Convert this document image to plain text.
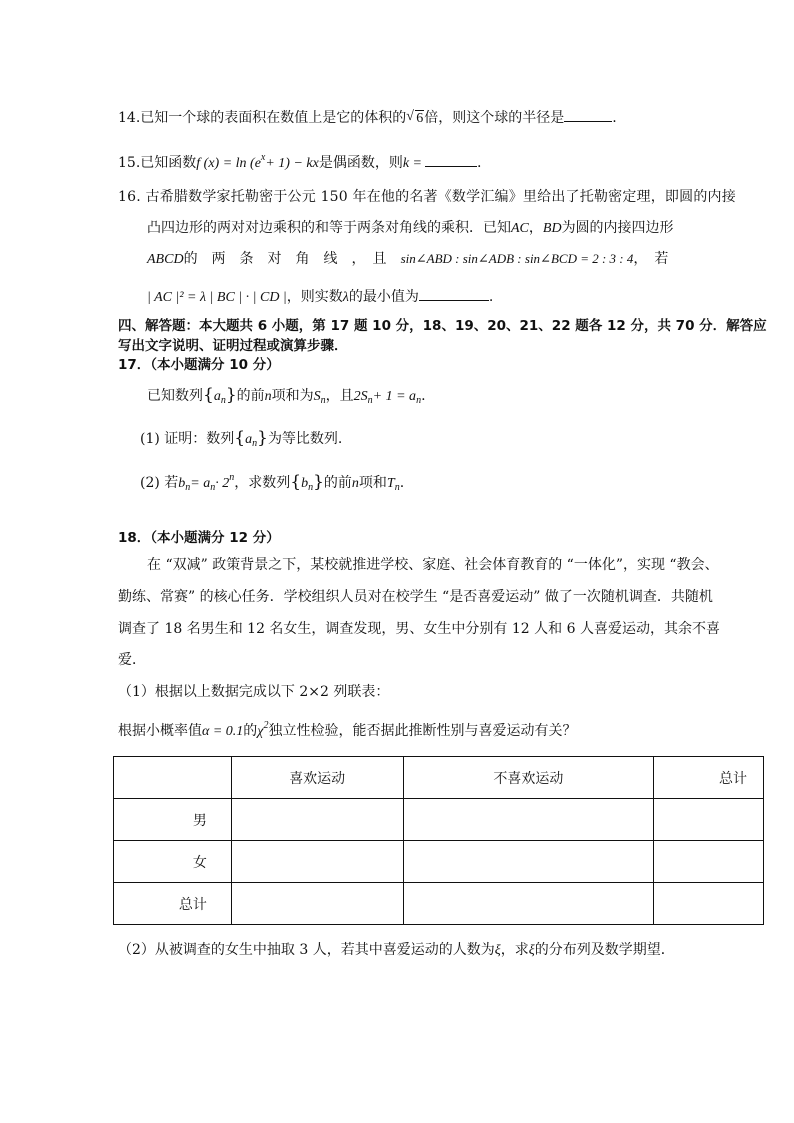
14.已知一个球的表面积在数值上是它的体积的 √ 6倍，则这个球的半径是	.
15.已知函数f $(x) = \ln (e^x+ 1)$ − kx是偶函数，则k =	.
16. 古希腊数学家托勒密于公元 150 年在他的名著《数学汇编》里给出了托勒密定理，即圆的内接
凸四边形的两对对边乘积的和等于两条对角线的乘积．已知AC，BD为圆的内接四边形
ABCD的　两　条　对　角　线　，　且　sin∠ABD : sin∠ADB : sin∠BCD = 2 : 3 : 4，　若
| AC |² = λ | BC | · | CD |，则实数λ的最小值为	.
四、解答题：本大题共 6 小题，第 17 题 10 分，18、19、20、21、22 题各 12 分，共 70 分．解答应
写出文字说明、证明过程或演算步骤．
17．（本小题满分 10 分）
已知数列$\{a_n\}$的前n项和为$S_n$，且$2S_n+ 1 = a_n$.
(1) 证明：数列$\{a_n\}$为等比数列.
(2) 若$b_n= a_n\cdot 2^n$，求数列$\{b_n\}$的前n项和$T_n$.
18．（本小题满分 12 分）
在 “双减” 政策背景之下，某校就推进学校、家庭、社会体育教育的 “一体化”，实现 “教会、
勤练、常赛” 的核心任务．学校组织人员对在校学生 “是否喜爱运动” 做了一次随机调查．共随机
调查了 18 名男生和 12 名女生，调查发现，男、女生中分别有 12 人和 6 人喜爱运动，其余不喜
爱．
（1）根据以上数据完成以下 2×2 列联表：
根据小概率值α = 0.1的$\chi^2$独立性检验，能否据此推断性别与喜爱运动有关？
	喜欢运动	不喜欢运动	总计
男			
女			
总计			
（2）从被调查的女生中抽取 3 人，若其中喜爱运动的人数为ξ，求ξ的分布列及数学期望．
